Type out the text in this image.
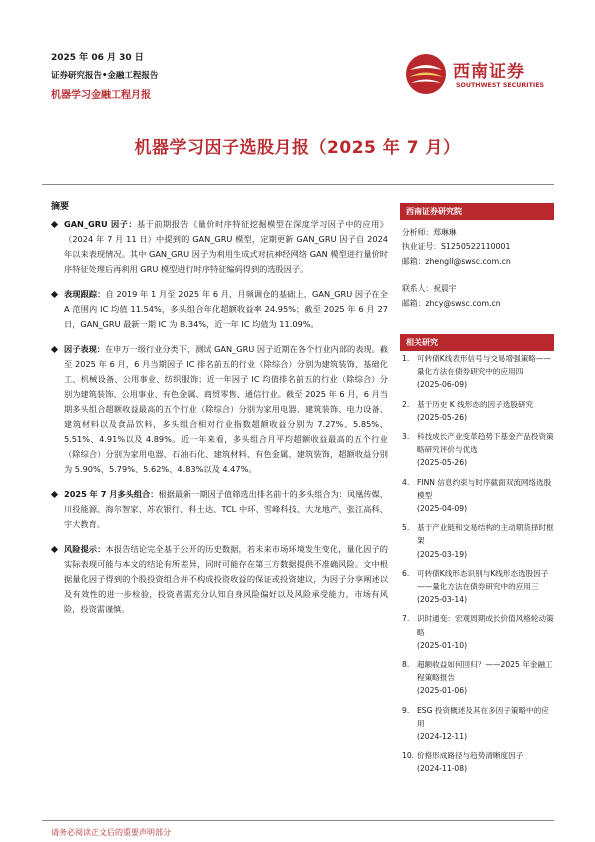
2025 年 06 月 30 日
证券研究报告•金融工程报告
机器学习金融工程月报
西南证券
SOUTHWEST SECURITIES
机器学习因子选股月报（2025 年 7 月）
摘要
GAN_GRU 因子：基于前期报告《量价时序特征挖掘模型在深度学习因子中的应用》（2024 年 7 月 11 日）中提到的 GAN_GRU 模型，定期更新 GAN_GRU 因子自 2024 年以来表现情况。其中 GAN_GRU 因子为利用生成式对抗神经网络 GAN 模型进行量价时序特征处理后再利用 GRU 模型进行时序特征编码得到的选股因子。
表现跟踪：自 2019 年 1 月至 2025 年 6 月，月频调仓的基础上，GAN_GRU 因子在全 A 范围内 IC 均值 11.54%，多头组合年化超额收益率 24.95%；截至 2025 年 6 月 27 日，GAN_GRU 最新一期 IC 为 8.34%，近一年 IC 均值为 11.09%。
因子表现：在申万一级行业分类下，测试 GAN_GRU 因子近期在各个行业内部的表现。截至 2025 年 6 月，6 月当期因子 IC 排名前五的行业（除综合）分别为建筑装饰、基础化工、机械设备、公用事业、纺织服饰；近一年因子 IC 均值排名前五的行业（除综合）分别为建筑装饰、公用事业、有色金属、商贸零售、通信行业。截至 2025 年 6 月，6 月当期多头组合超额收益最高的五个行业（除综合）分别为家用电器、建筑装饰、电力设备、建筑材料以及食品饮料，多头组合相对行业指数超额收益分别为 7.27%、5.85%、5.51%、4.91%以及 4.89%。近一年来看，多头组合月平均超额收益最高的五个行业（除综合）分别为家用电器、石油石化、建筑材料、有色金属、建筑装饰，超额收益分别为 5.90%、5.79%、5.62%、4.83%以及 4.47%。
2025 年 7 月多头组合：根据最新一期因子值筛选出排名前十的多头组合为：凤凰传媒、川投能源、海尔智家、苏农银行、科士达、TCL 中环、雪峰科技、大龙地产、张江高科、宇大教育。
风险提示：本报告结论完全基于公开的历史数据，若未来市场环境发生变化，量化因子的实际表现可能与本文的结论有所差异，同时可能存在第三方数据提供不准确风险。文中根据量化因子得到的个股投资组合并不构成投资收益的保证或投资建议，为因子分享阐述以及有效性的进一步检验，投资者需充分认知自身风险偏好以及风险承受能力，市场有风险，投资需谨慎。
西南证券研究院
分析师：郑琳琳
执业证号：S1250522110001
邮箱：zhengll@swsc.com.cn
联系人：祝晨宇
邮箱：zhcy@swsc.com.cn
相关研究
1. 可转债K线表形信号与交易增强策略——量化方法在债券研究中的应用四
(2025-06-09)
2. 基于历史 K 线形态的因子选股研究
(2025-05-26)
3. 科技成长产业变革趋势下基金产品投资策略研究评价与优选
(2025-05-26)
4. FINN 信息约束与时序截面双流网络选股模型
(2025-04-09)
5. 基于产业链和交易结构的主动期货择时框架
(2025-03-19)
6. 可转债K线形态识别与K线形态选股因子——量化方法在债券研究中的应用三
(2025-03-14)
7. 识时通变：宏观周期成长价值风格轮动策略
(2025-01-10)
8. 超额收益如何回归？——2025 年金融工程策略报告
(2025-01-06)
9. ESG 投资概述及其在多因子策略中的应用
(2024-12-11)
10. 价格形成路径与趋势清晰度因子
(2024-11-08)
请务必阅读正文后的重要声明部分
